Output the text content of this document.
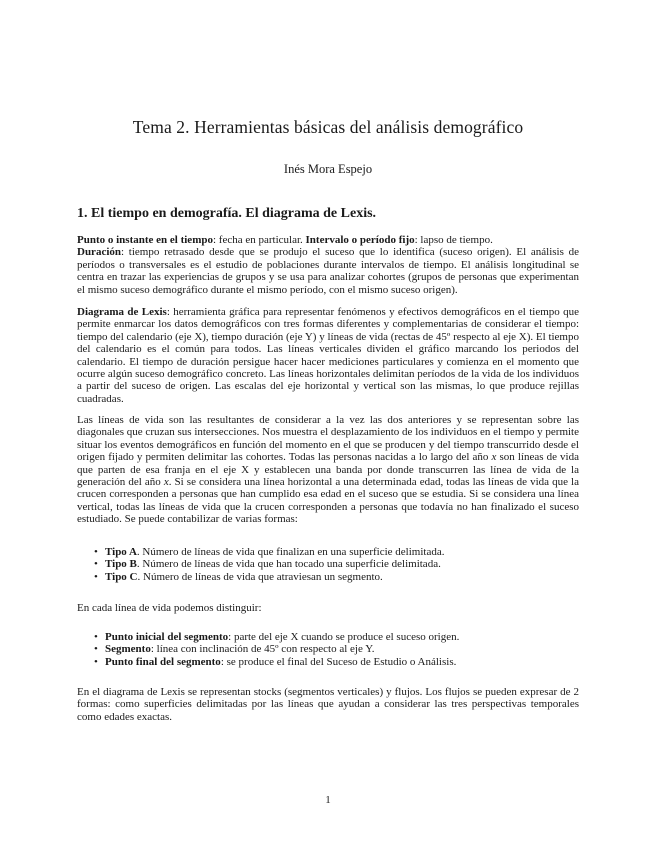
Tema 2. Herramientas básicas del análisis demográfico
Inés Mora Espejo
1. El tiempo en demografía. El diagrama de Lexis.

Punto o instante en el tiempo: fecha en particular. Intervalo o período fijo: lapso de tiempo.
Duración: tiempo retrasado desde que se produjo el suceso que lo identifica (suceso origen). El análisis de períodos o transversales es el estudio de poblaciones durante intervalos de tiempo. El análisis longitudinal se centra en trazar las experiencias de grupos y se usa para analizar cohortes (grupos de personas que experimentan el mismo suceso demográfico durante el mismo período, con el mismo suceso origen).

Diagrama de Lexis: herramienta gráfica para representar fenómenos y efectivos demográficos en el tiempo que permite enmarcar los datos demográficos con tres formas diferentes y complementarias de considerar el tiempo: tiempo del calendario (eje X), tiempo duración (eje Y) y líneas de vida (rectas de 45º respecto al eje X). El tiempo del calendario es el común para todos. Las líneas verticales dividen el gráfico marcando los periodos del calendario. El tiempo de duración persigue hacer hacer mediciones particulares y comienza en el momento que ocurre algún suceso demográfico concreto. Las líneas horizontales delimitan períodos de la vida de los individuos a partir del suceso de origen. Las escalas del eje horizontal y vertical son las mismas, lo que produce rejillas cuadradas.

Las líneas de vida son las resultantes de considerar a la vez las dos anteriores y se representan sobre las diagonales que cruzan sus intersecciones. Nos muestra el desplazamiento de los individuos en el tiempo y permite situar los eventos demográficos en función del momento en el que se producen y del tiempo transcurrido desde el origen fijado y permiten delimitar las cohortes. Todas las personas nacidas a lo largo del año x son líneas de vida que parten de esa franja en el eje X y establecen una banda por donde transcurren las línea de vida de la generación del año x. Si se considera una línea horizontal a una determinada edad, todas las líneas de vida que la crucen corresponden a personas que han cumplido esa edad en el suceso que se estudia. Si se considera una línea vertical, todas las líneas de vida que la crucen corresponden a personas que todavía no han finalizado el suceso estudiado. Se puede contabilizar de varias formas:

• Tipo A. Número de líneas de vida que finalizan en una superficie delimitada.
• Tipo B. Número de líneas de vida que han tocado una superficie delimitada.
• Tipo C. Número de líneas de vida que atraviesan un segmento.

En cada línea de vida podemos distinguir:

• Punto inicial del segmento: parte del eje X cuando se produce el suceso origen.
• Segmento: línea con inclinación de 45º con respecto al eje Y.
• Punto final del segmento: se produce el final del Suceso de Estudio o Análisis.

En el diagrama de Lexis se representan stocks (segmentos verticales) y flujos. Los flujos se pueden expresar de 2 formas: como superficies delimitadas por las líneas que ayudan a considerar las tres perspectivas temporales como edades exactas.

1
